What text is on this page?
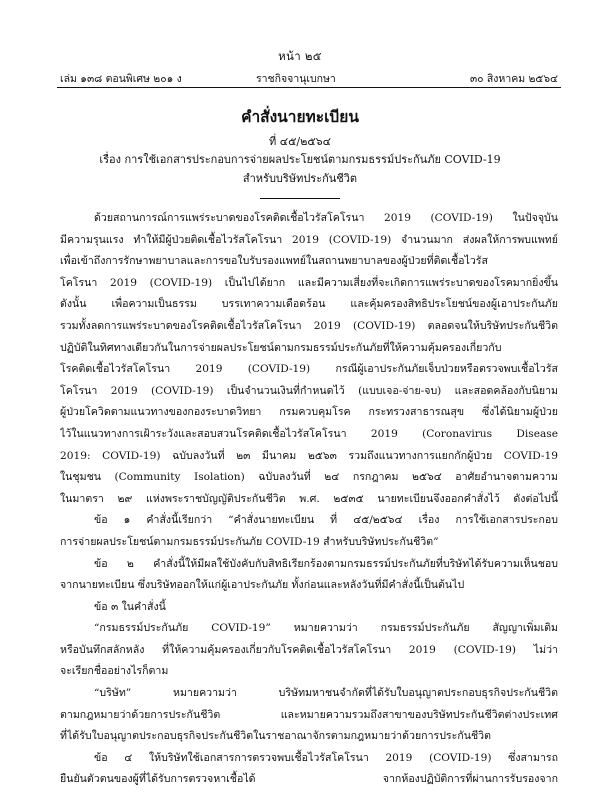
หน้า ๒๕
เล่ม ๑๓๘ ตอนพิเศษ ๒๐๑ ง	ราชกิจจานุเบกษา	๓๐ สิงหาคม ๒๕๖๔
คำสั่งนายทะเบียน
ที่ ๔๕/๒๕๖๔
เรื่อง การใช้เอกสารประกอบการจ่ายผลประโยชน์ตามกรมธรรม์ประกันภัย COVID-19
สำหรับบริษัทประกันชีวิต
ด้วยสถานการณ์การแพร่ระบาดของโรคติดเชื้อไวรัสโคโรนา 2019 (COVID-19) ในปัจจุบัน
มีความรุนแรง ทำให้มีผู้ป่วยติดเชื้อไวรัสโคโรนา 2019 (COVID-19) จำนวนมาก ส่งผลให้การพบแพทย์
เพื่อเข้าถึงการรักษาพยาบาลและการขอใบรับรองแพทย์ในสถานพยาบาลของผู้ป่วยที่ติดเชื้อไวรัส
โคโรนา 2019 (COVID-19) เป็นไปได้ยาก และมีความเสี่ยงที่จะเกิดการแพร่ระบาดของโรคมากยิ่งขึ้น
ดังนั้น เพื่อความเป็นธรรม บรรเทาความเดือดร้อน และคุ้มครองสิทธิประโยชน์ของผู้เอาประกันภัย
รวมทั้งลดการแพร่ระบาดของโรคติดเชื้อไวรัสโคโรนา 2019 (COVID-19) ตลอดจนให้บริษัทประกันชีวิต
ปฏิบัติในทิศทางเดียวกันในการจ่ายผลประโยชน์ตามกรมธรรม์ประกันภัยที่ให้ความคุ้มครองเกี่ยวกับ
โรคติดเชื้อไวรัสโคโรนา 2019 (COVID-19) กรณีผู้เอาประกันภัยเจ็บป่วยหรือตรวจพบเชื้อไวรัส
โคโรนา 2019 (COVID-19) เป็นจำนวนเงินที่กำหนดไว้ (แบบเจอ-จ่าย-จบ) และสอดคล้องกับนิยาม
ผู้ป่วยโควิดตามแนวทางของกองระบาดวิทยา กรมควบคุมโรค กระทรวงสาธารณสุข ซึ่งได้นิยามผู้ป่วย
ไว้ในแนวทางการเฝ้าระวังและสอบสวนโรคติดเชื้อไวรัสโคโรนา 2019 (Coronavirus Disease
2019: COVID-19) ฉบับลงวันที่ ๒๓ มีนาคม ๒๕๖๓ รวมถึงแนวทางการแยกกักผู้ป่วย COVID-19
ในชุมชน (Community Isolation) ฉบับลงวันที่ ๒๔ กรกฎาคม ๒๕๖๔ อาศัยอำนาจตามความ
ในมาตรา ๒๙ แห่งพระราชบัญญัติประกันชีวิต พ.ศ. ๒๕๓๕ นายทะเบียนจึงออกคำสั่งไว้ ดังต่อไปนี้
ข้อ ๑ คำสั่งนี้เรียกว่า “คำสั่งนายทะเบียน ที่ ๔๕/๒๕๖๔ เรื่อง การใช้เอกสารประกอบ
การจ่ายผลประโยชน์ตามกรมธรรม์ประกันภัย COVID-19 สำหรับบริษัทประกันชีวิต”
ข้อ ๒ คำสั่งนี้ให้มีผลใช้บังคับกับสิทธิเรียกร้องตามกรมธรรม์ประกันภัยที่บริษัทได้รับความเห็นชอบ
จากนายทะเบียน ซึ่งบริษัทออกให้แก่ผู้เอาประกันภัย ทั้งก่อนและหลังวันที่มีคำสั่งนี้เป็นต้นไป
ข้อ ๓ ในคำสั่งนี้
“กรมธรรม์ประกันภัย COVID-19” หมายความว่า กรมธรรม์ประกันภัย สัญญาเพิ่มเติม
หรือบันทึกสลักหลัง ที่ให้ความคุ้มครองเกี่ยวกับโรคติดเชื้อไวรัสโคโรนา 2019 (COVID-19) ไม่ว่า
จะเรียกชื่ออย่างไรก็ตาม
“บริษัท” หมายความว่า บริษัทมหาชนจำกัดที่ได้รับใบอนุญาตประกอบธุรกิจประกันชีวิต
ตามกฎหมายว่าด้วยการประกันชีวิต และหมายความรวมถึงสาขาของบริษัทประกันชีวิตต่างประเทศ
ที่ได้รับใบอนุญาตประกอบธุรกิจประกันชีวิตในราชอาณาจักรตามกฎหมายว่าด้วยการประกันชีวิต
ข้อ ๔ ให้บริษัทใช้เอกสารการตรวจพบเชื้อไวรัสโคโรนา 2019 (COVID-19) ซึ่งสามารถ
ยืนยันตัวตนของผู้ที่ได้รับการตรวจหาเชื้อได้ จากห้องปฏิบัติการที่ผ่านการรับรองจาก
